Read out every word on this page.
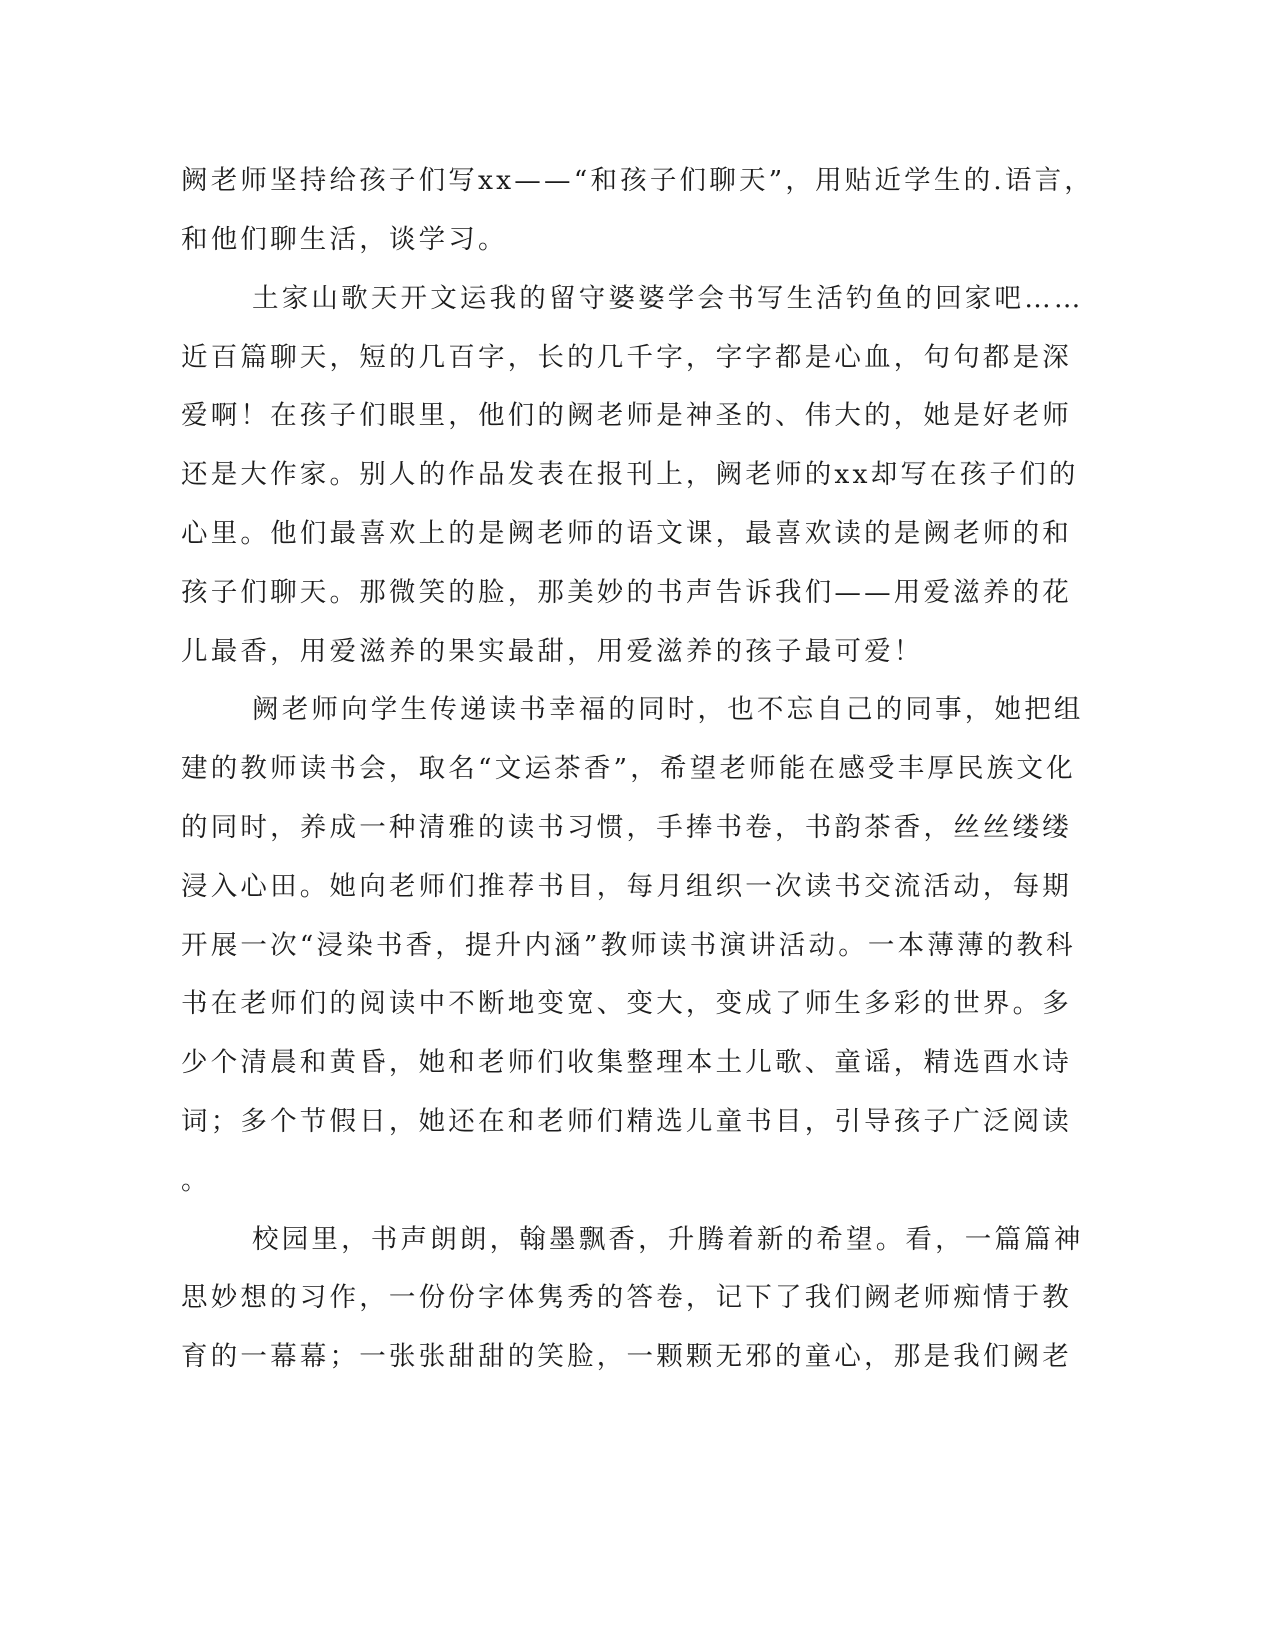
阙老师坚持给孩子们写xx——“和孩子们聊天”，用贴近学生的.语言，
和他们聊生活，谈学习。
土家山歌天开文运我的留守婆婆学会书写生活钓鱼的回家吧……
近百篇聊天，短的几百字，长的几千字，字字都是心血，句句都是深
爱啊！在孩子们眼里，他们的阙老师是神圣的、伟大的，她是好老师
还是大作家。别人的作品发表在报刊上，阙老师的xx却写在孩子们的
心里。他们最喜欢上的是阙老师的语文课，最喜欢读的是阙老师的和
孩子们聊天。那微笑的脸，那美妙的书声告诉我们——用爱滋养的花
儿最香，用爱滋养的果实最甜，用爱滋养的孩子最可爱！
阙老师向学生传递读书幸福的同时，也不忘自己的同事，她把组
建的教师读书会，取名“文运茶香”，希望老师能在感受丰厚民族文化
的同时，养成一种清雅的读书习惯，手捧书卷，书韵茶香，丝丝缕缕
浸入心田。她向老师们推荐书目，每月组织一次读书交流活动，每期
开展一次“浸染书香，提升内涵”教师读书演讲活动。一本薄薄的教科
书在老师们的阅读中不断地变宽、变大，变成了师生多彩的世界。多
少个清晨和黄昏，她和老师们收集整理本土儿歌、童谣，精选酉水诗
词；多个节假日，她还在和老师们精选儿童书目，引导孩子广泛阅读
。
校园里，书声朗朗，翰墨飘香，升腾着新的希望。看，一篇篇神
思妙想的习作，一份份字体隽秀的答卷，记下了我们阙老师痴情于教
育的一幕幕；一张张甜甜的笑脸，一颗颗无邪的童心，那是我们阙老
